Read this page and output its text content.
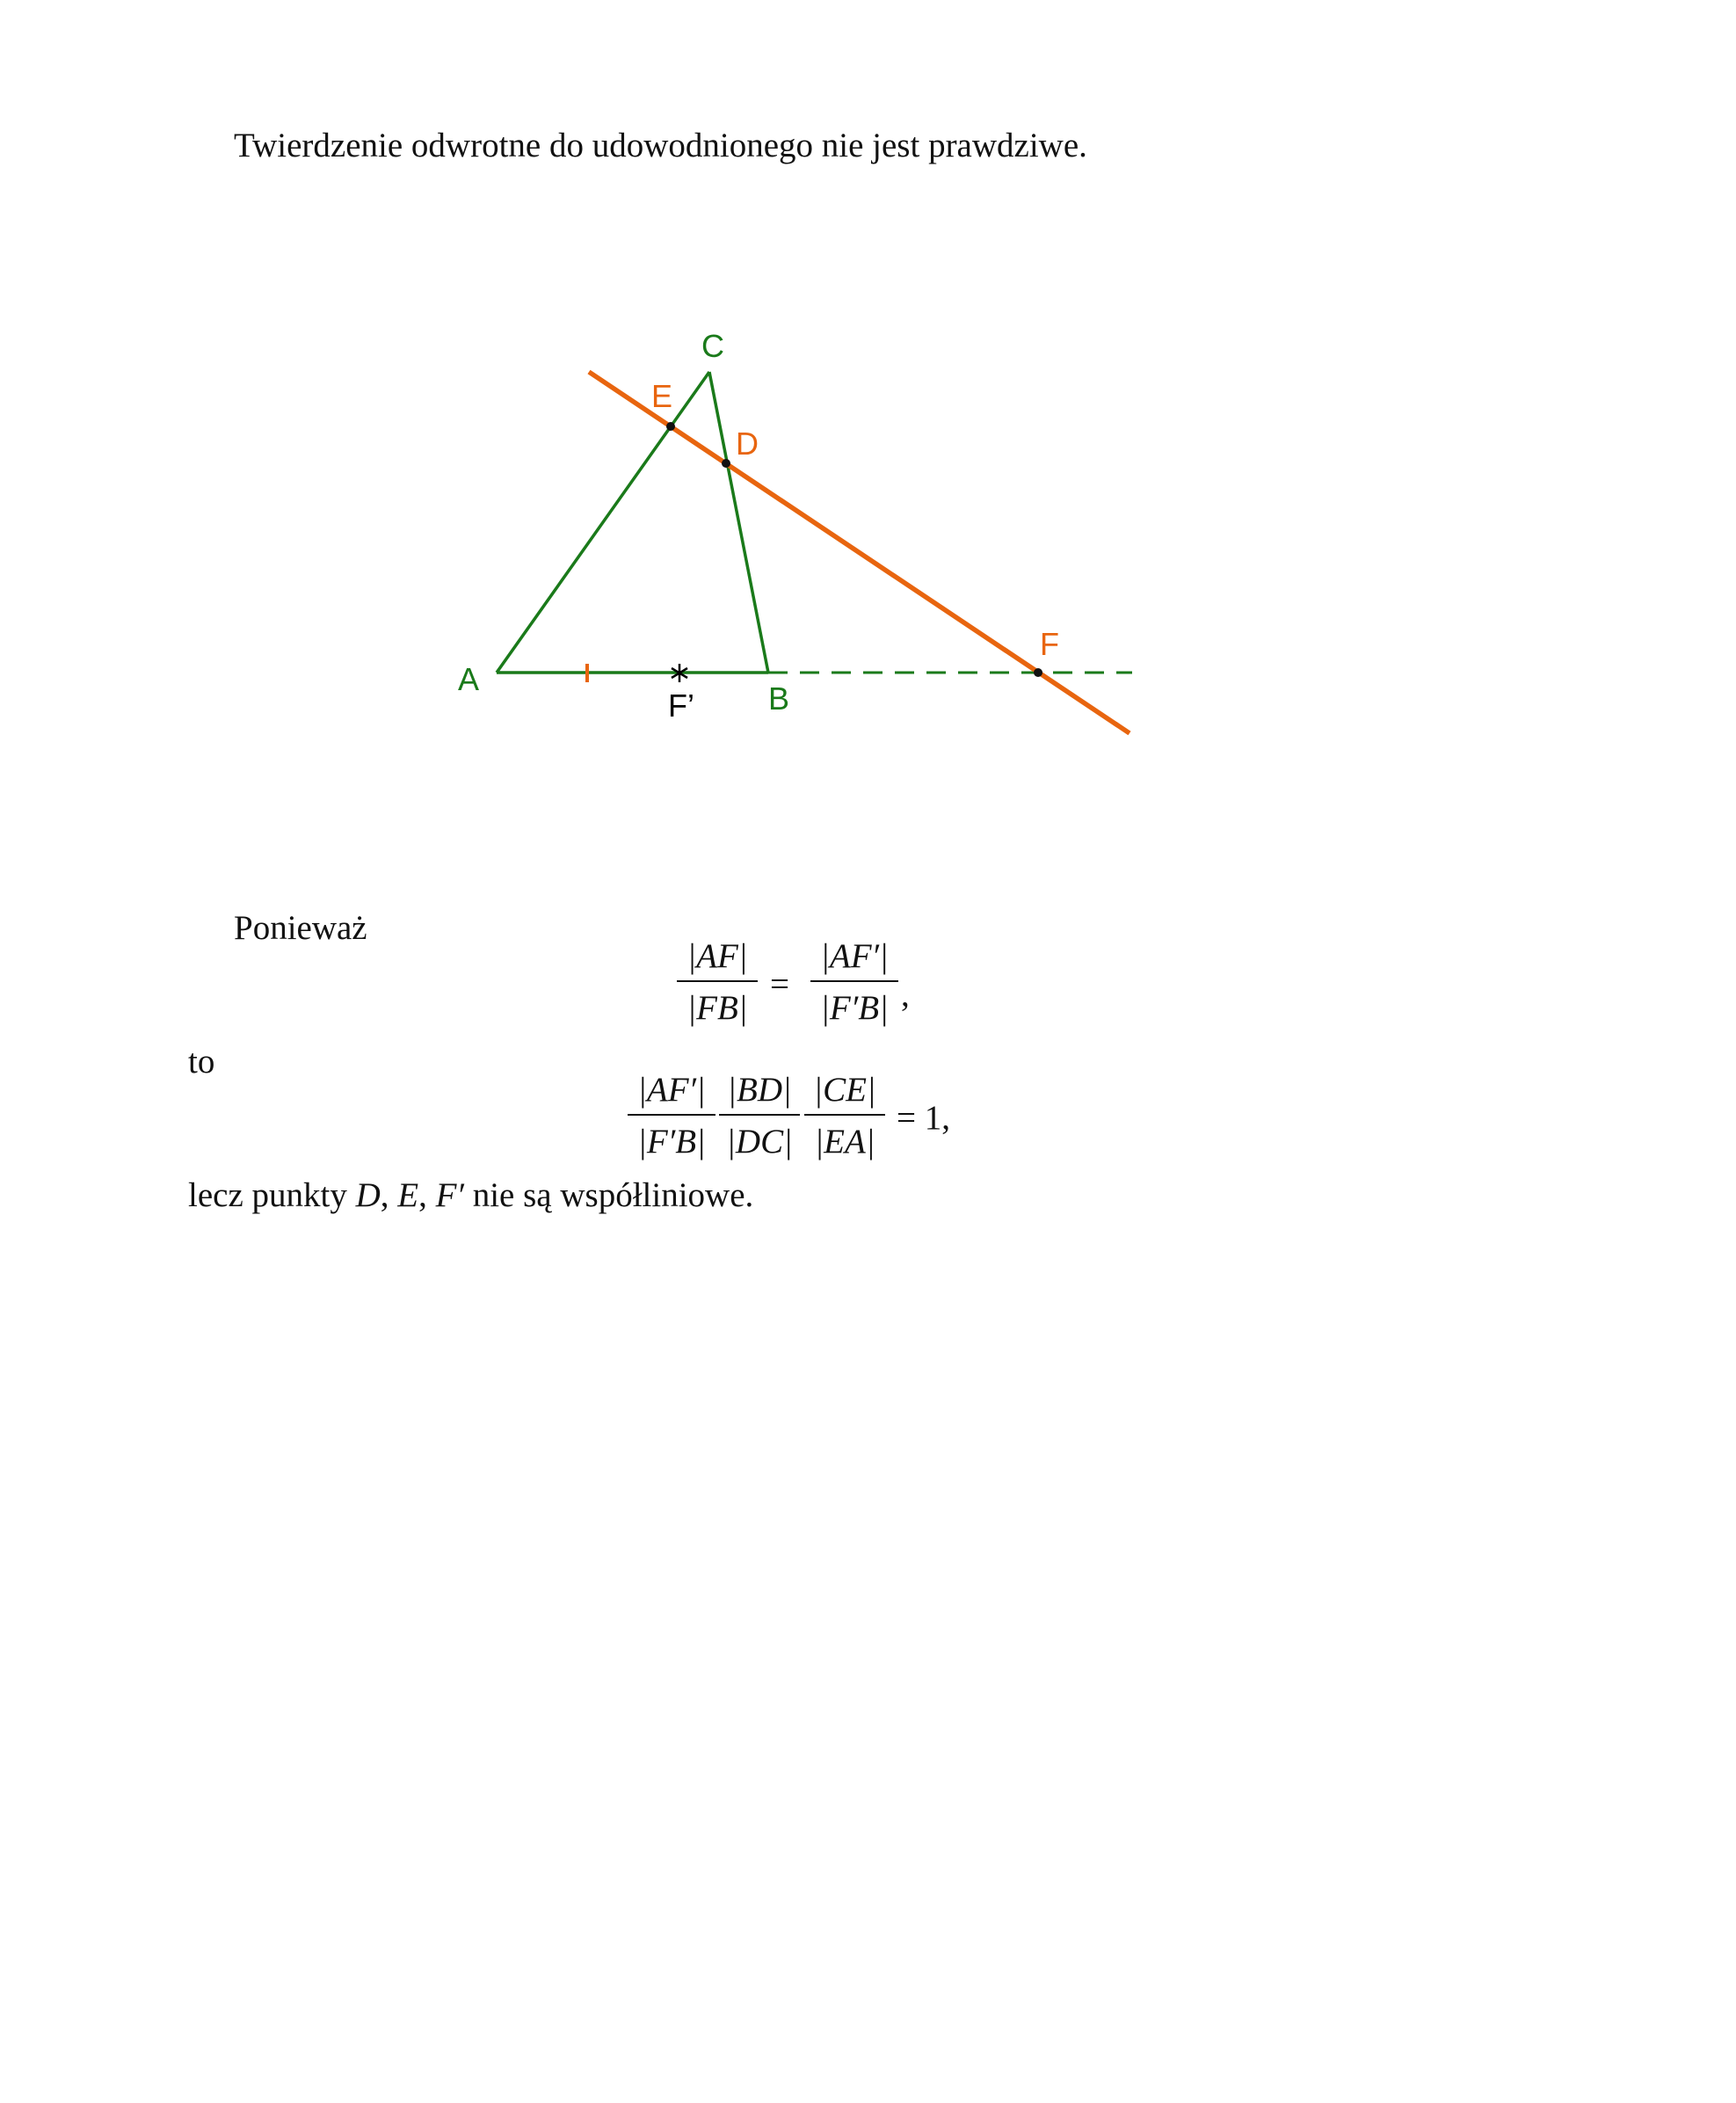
Twierdzenie odwrotne do udowodnionego nie jest prawdziwe.
A
B
C
E
D
F
F’
Ponieważ
|AF|
|FB|
=
|AF′|
|F′B| ,
to
|AF′|
|F′B|
|BD|
|DC|
|CE|
|EA|
= 1,
lecz punkty D, E, F′ nie są współliniowe.
